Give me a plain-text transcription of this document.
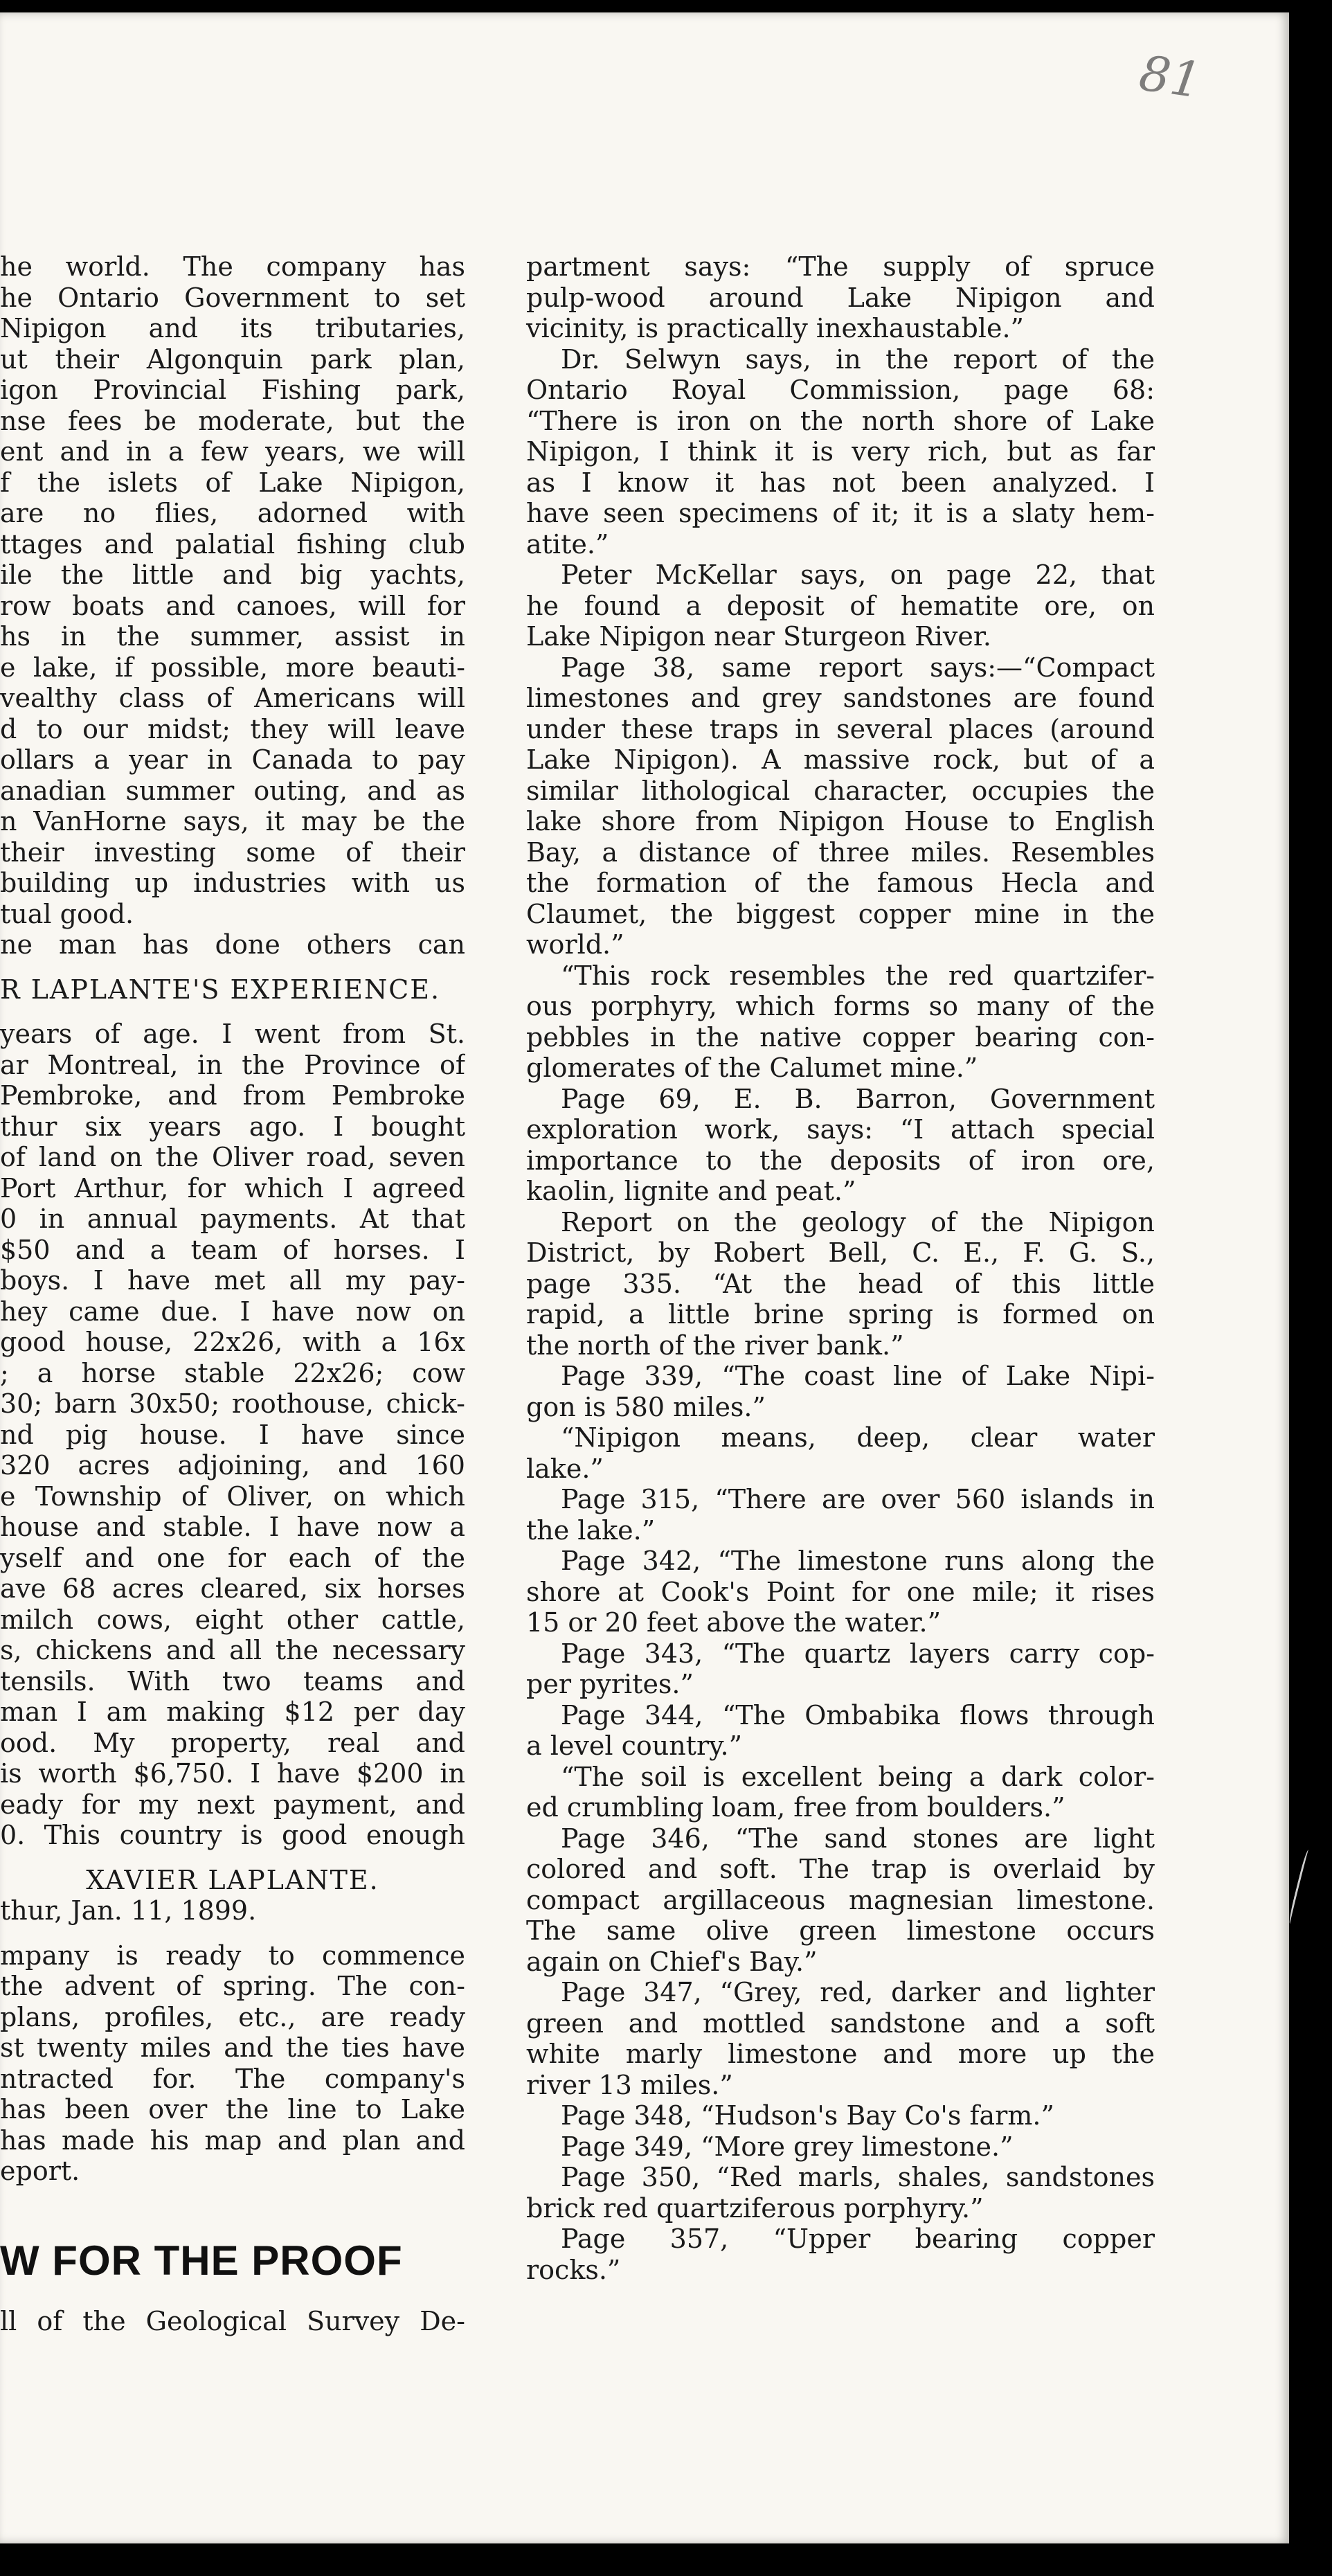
81
he world. The company has
he Ontario Government to set
Nipigon and its tributaries,
ut their Algonquin park plan,
igon Provincial Fishing park,
nse fees be moderate, but the
ent and in a few years, we will
f the islets of Lake Nipigon,
are no flies, adorned with
ttages and palatial fishing club
ile the little and big yachts,
row boats and canoes, will for
hs in the summer, assist in
e lake, if possible, more beauti-
vealthy class of Americans will
d to our midst; they will leave
ollars a year in Canada to pay
anadian summer outing, and as
n VanHorne says, it may be the
their investing some of their
building up industries with us
tual good.
ne man has done others can
R LAPLANTE'S EXPERIENCE.
years of age. I went from St.
ar Montreal, in the Province of
Pembroke, and from Pembroke
thur six years ago. I bought
of land on the Oliver road, seven
Port Arthur, for which I agreed
0 in annual payments. At that
$50 and a team of horses. I
boys. I have met all my pay-
hey came due. I have now on
good house, 22x26, with a 16x
; a horse stable 22x26; cow
30; barn 30x50; roothouse, chick-
nd pig house. I have since
320 acres adjoining, and 160
e Township of Oliver, on which
house and stable. I have now a
yself and one for each of the
ave 68 acres cleared, six horses
milch cows, eight other cattle,
s, chickens and all the necessary
tensils. With two teams and
man I am making $12 per day
ood. My property, real and
is worth $6,750. I have $200 in
eady for my next payment, and
0. This country is good enough
XAVIER LAPLANTE.
thur, Jan. 11, 1899.
mpany is ready to commence
the advent of spring. The con-
plans, profiles, etc., are ready
st twenty miles and the ties have
ntracted for. The company's
has been over the line to Lake
has made his map and plan and
eport.
partment says: “The supply of spruce
pulp-wood around Lake Nipigon and
vicinity, is practically inexhaustable.”
Dr. Selwyn says, in the report of the
Ontario Royal Commission, page 68:
“There is iron on the north shore of Lake
Nipigon, I think it is very rich, but as far
as I know it has not been analyzed. I
have seen specimens of it; it is a slaty hem-
atite.”
Peter McKellar says, on page 22, that
he found a deposit of hematite ore, on
Lake Nipigon near Sturgeon River.
Page 38, same report says:—“Compact
limestones and grey sandstones are found
under these traps in several places (around
Lake Nipigon). A massive rock, but of a
similar lithological character, occupies the
lake shore from Nipigon House to English
Bay, a distance of three miles. Resembles
the formation of the famous Hecla and
Claumet, the biggest copper mine in the
world.”
“This rock resembles the red quartzifer-
ous porphyry, which forms so many of the
pebbles in the native copper bearing con-
glomerates of the Calumet mine.”
Page 69, E. B. Barron, Government
exploration work, says: “I attach special
importance to the deposits of iron ore,
kaolin, lignite and peat.”
Report on the geology of the Nipigon
District, by Robert Bell, C. E., F. G. S.,
page 335. “At the head of this little
rapid, a little brine spring is formed on
the north of the river bank.”
Page 339, “The coast line of Lake Nipi-
gon is 580 miles.”
“Nipigon means, deep, clear water
lake.”
Page 315, “There are over 560 islands in
the lake.”
Page 342, “The limestone runs along the
shore at Cook's Point for one mile; it rises
15 or 20 feet above the water.”
Page 343, “The quartz layers carry cop-
per pyrites.”
Page 344, “The Ombabika flows through
a level country.”
“The soil is excellent being a dark color-
ed crumbling loam, free from boulders.”
Page 346, “The sand stones are light
colored and soft. The trap is overlaid by
compact argillaceous magnesian limestone.
The same olive green limestone occurs
again on Chief's Bay.”
Page 347, “Grey, red, darker and lighter
green and mottled sandstone and a soft
white marly limestone and more up the
river 13 miles.”
Page 348, “Hudson's Bay Co's farm.”
Page 349, “More grey limestone.”
Page 350, “Red marls, shales, sandstones
brick red quartziferous porphyry.”
Page 357, “Upper bearing copper
rocks.”
W FOR THE PROOF
ll of the Geological Survey De-
